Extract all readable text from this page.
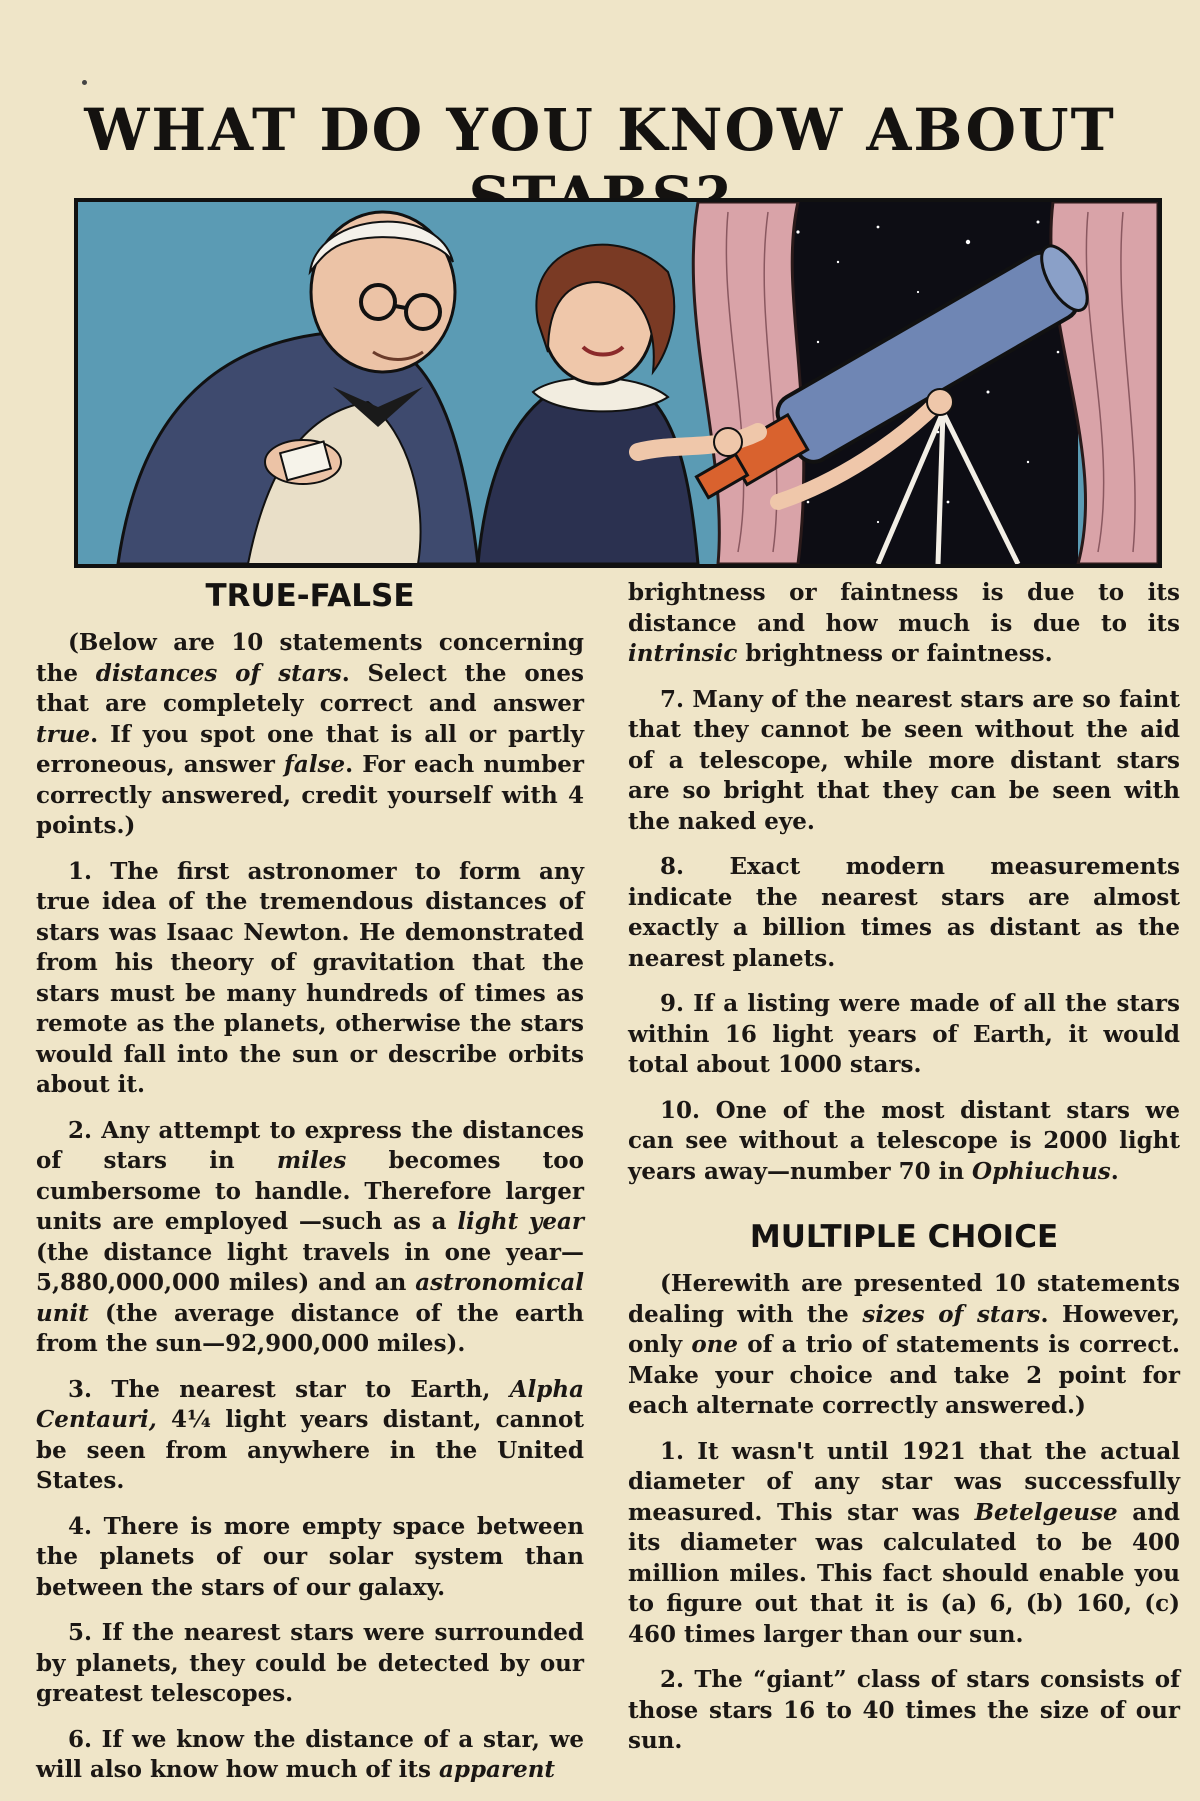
WHAT DO YOU KNOW ABOUT
TRUE-FALSE

(Below are 10 statements concerning the distances of stars. Select the ones that are completely correct and answer true. If you spot one that is all or partly erroneous, answer false. For each number correctly answered, credit yourself with 4 points.)

1. The first astronomer to form any true idea of the tremendous distances of stars was Isaac Newton. He demonstrated from his theory of gravitation that the stars must be many hundreds of times as remote as the planets, otherwise the stars would fall into the sun or describe orbits about it.

2. Any attempt to express the distances of stars in miles becomes too cumbersome to handle. Therefore larger units are employed —such as a light year (the distance light travels in one year—5,880,000,000 miles) and an astronomical unit (the average distance of the earth from the sun—92,900,000 miles).

3. The nearest star to Earth, Alpha Centauri, 4¼ light years distant, cannot be seen from anywhere in the United States.

4. There is more empty space between the planets of our solar system than between the stars of our galaxy.

5. If the nearest stars were surrounded by planets, they could be detected by our greatest telescopes.

6. If we know the distance of a star, we will also know how much of its apparent

brightness or faintness is due to its distance and how much is due to its intrinsic brightness or faintness.

7. Many of the nearest stars are so faint that they cannot be seen without the aid of a telescope, while more distant stars are so bright that they can be seen with the naked eye.

8. Exact modern measurements indicate the nearest stars are almost exactly a billion times as distant as the nearest planets.

9. If a listing were made of all the stars within 16 light years of Earth, it would total about 1000 stars.

10. One of the most distant stars we can see without a telescope is 2000 light years away—number 70 in Ophiuchus.

MULTIPLE CHOICE

(Herewith are presented 10 statements dealing with the sizes of stars. However, only one of a trio of statements is correct. Make your choice and take 2 point for each alternate correctly answered.)

1. It wasn't until 1921 that the actual diameter of any star was successfully measured. This star was Betelgeuse and its diameter was calculated to be 400 million miles. This fact should enable you to figure out that it is (a) 6, (b) 160, (c) 460 times larger than our sun.

2. The “giant” class of stars consists of those stars 16 to 40 times the size of our sun.
